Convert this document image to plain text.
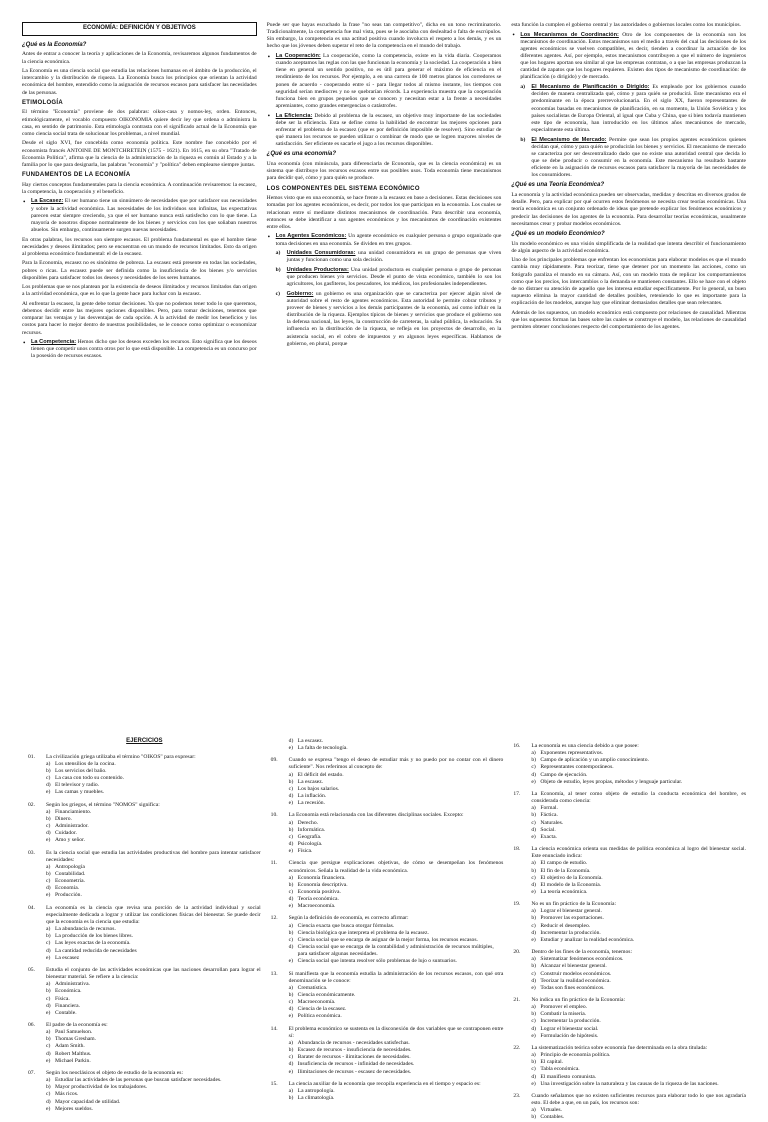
ECONOMÍA: DEFINICIÓN Y OBJETIVOS
¿Qué es la Economía?

Antes de entrar a conocer la teoría y aplicaciones de la Economía, revisaremos algunos fundamentos de la ciencia económica.

La Economía es una ciencia social que estudia las relaciones humanas en el ámbito de la producción, el intercambio y la distribución de riqueza. La Economía busca los principios que orientan la actividad económica del hombre, entendido como la asignación de recursos escasos para satisfacer las necesidades de las personas.

ETIMOLOGÍA

El término "Economía" proviene de dos palabras: oikos-casa y nomos-ley, orden. Entonces, etimológicamente, el vocablo compuesto OIKONOMIA quiere decir ley que ordena o administra la casa, en sentido de patrimonio. Esta etimología contrasta con el significado actual de la Economía que como ciencia social trata de solucionar los problemas, a nivel mundial.

Desde el siglo XVI, fue concebida como economía política. Este nombre fue concebido por el economista francés ANTOINE DE MONTCHRETEIN (1575 - 1621). En 1615, en su obra "Tratado de Economía Política", afirma que la ciencia de la administración de la riqueza es común al Estado y a la familia por lo que para designarla, las palabras "economía" y "política" deben emplearse siempre juntas.

FUNDAMENTOS DE LA ECONOMÍA

Hay ciertos conceptos fundamentales para la ciencia económica. A continuación revisaremos: la escasez, la competencia, la cooperación y el beneficio.

• La Escasez: El ser humano tiene un sinnúmero de necesidades que por satisfacer sus necesidades y sobre la actividad económica. Las necesidades de los individuos son infinitas, las expectativas parecen estar siempre creciendo, ya que el ser humano nunca está satisfecho con lo que tiene. La mayoría de nosotros dispone normalmente de los bienes y servicios con los que soñaban nuestros abuelos. Sin embargo, continuamente surgen nuevas necesidades.

En otras palabras, los recursos son siempre escasos. El problema fundamental es que el hombre tiene necesidades y deseos ilimitados; pero se encuentran en un mundo de recursos limitados. Esto da origen al problema económico fundamental: el de la escasez.

Para la Economía, escasez no es sinónimo de pobreza. La escasez está presente en todas las sociedades, pobres o ricas. La escasez puede ser definida como la insuficiencia de los bienes y/o servicios disponibles para satisfacer todos los deseos y necesidades de los seres humanos.

Los problemas que se nos plantean por la existencia de deseos ilimitados y recursos limitados dan origen a la actividad económica, que es lo que la gente hace para luchar con la escasez.

Al enfrentar la escasez, la gente debe tomar decisiones. Ya que no podemos tener todo lo que queremos, debemos decidir entre las mejores opciones disponibles. Pero, para tomar decisiones, tenemos que comparar las ventajas y las desventajas de cada opción. A la actividad de medir los beneficios y los costos para hacer lo mejor dentro de nuestras posibilidades, se le conoce como optimizar o economizar recursos.

• La Competencia: Hemos dicho que los deseos exceden los recursos. Esto significa que los deseos tienen que competir unos contra otros por lo que está disponible. La competencia es un concurso por la posesión de recursos escasos.

Puede ser que hayas escuchado la frase "no seas tan competitivo", dicha en un tono recriminatorio. Tradicionalmente, la competencia fue mal vista, pues se le asociaba con deslealtad o falta de escrúpulos. Sin embargo, la competencia es una actitud positiva cuando involucra el respeto a los demás, y es un hecho que los jóvenes deben superar el reto de la competencia en el mundo del trabajo.

• La Cooperación: La cooperación, como la competencia, existe en la vida diaria. Cooperamos cuando aceptamos las reglas con las que funcionan la economía y la sociedad. La cooperación a bien tiene en general un sentido positivo, no es útil para generar el máximo de eficiencia en el rendimiento de los recursos. Por ejemplo, a en una carrera de 100 metros planos los corredores se ponen de acuerdo - cooperando entre sí - para llegar todos al mismo instante, los tiempos con seguridad serían mediocres y no se quebrarían récords. La experiencia muestra que la cooperación funciona bien en grupos pequeños que se conocen y necesitan estar a la frente a necesidades apremiantes, como grandes emergencias o catástrofes.
• La Eficiencia: Debido al problema de la escasez, un objetivo muy importante de las sociedades debe ser la eficiencia. Esta se define como la habilidad de encontrar las mejores opciones para enfrentar el problema de la escasez (que es por definición imposible de resolver). Sino estudiar de qué manera los recursos se pueden utilizar o combinar de modo que se logren mayores niveles de satisfacción. Ser eficiente es sacarle el jugo a los recursos disponibles.
¿Qué es una economía?

Una economía (con minúscula, para diferenciarla de Economía, que es la ciencia económica) es un sistema que distribuye los recursos escasos entre sus posibles usos. Toda economía tiene mecanismos para decidir qué, cómo y para quién se produce.

LOS COMPONENTES DEL SISTEMA ECONÓMICO

Hemos visto que en una economía, se hace frente a la escasez en base a decisiones. Estas decisiones son tomadas por los agentes económicos, es decir, por todos los que participan en la economía. Los cuales se relacionan entre sí mediante distintos mecanismos de coordinación. Para describir una economía, entonces se debe identificar a sus agentes económicos y los mecanismos de coordinación existentes entre ellos.

• Los Agentes Económicos: Un agente económico es cualquier persona o grupo organizado que toma decisiones en una economía. Se dividen en tres grupos.
a) Unidades Consumidoras: una unidad consumidora es un grupo de personas que viven juntas y funcionan como una sola decisión.
b) Unidades Productoras: Una unidad productora es cualquier persona o grupo de personas que producen bienes y/o servicios. Desde el punto de vista económico, también lo son los agricultores, los gasfiteros, los pescadores, los médicos, los profesionales independientes.
c) Gobierno: un gobierno es una organización que se caracteriza por ejercer algún nivel de autoridad sobre el resto de agentes económicos. Esta autoridad le permite cobrar tributos y proveer de bienes y servicios a los demás participantes de la economía, así como influir en la distribución de la riqueza. Ejemplos típicos de bienes y servicios que produce el gobierno son la defensa nacional, las leyes, la construcción de carreteras, la salud pública, la educación. Su influencia en la distribución de la riqueza, se refleja en los proyectos de desarrollo, en la asistencia social, en el cobro de impuestos y en algunos leyes específicas. Hablamos de gobierno, en plural, porque

esta función la cumplen el gobierno central y las autoridades o gobiernos locales como los municipios.

• Los Mecanismos de Coordinación: Otro de los componentes de la economía son los mecanismos de coordinación. Estos mecanismos son el medio a través del cual las decisiones de los agentes económicos se vuelven compatibles, es decir, tienden a coordinar la actuación de los diferentes agentes. Así, por ejemplo, estos mecanismos contribuyen a que el número de ingenieros que los hogares aportan sea similar al que las empresas contratan, o a que las empresas produzcan la cantidad de zapatos que los hogares requieren. Existen dos tipos de mecanismo de coordinación: de planificación (o dirigido) y de mercado.
a) El Mecanismo de Planificación o Dirigido: Es empleado por los gobiernos cuando deciden de manera centralizada qué, cómo y para quién se producirá. Este mecanismo era el predominante en la época prerrevolucionaria. En el siglo XX, fueron representantes de economías basadas en mecanismos de planificación, en su momento, la Unión Soviética y los países socialistas de Europa Oriental, al igual que Cuba y China, que si bien todavía mantienen este tipo de economía, han introducido en los últimos años mecanismos de mercado, especialmente esta última.
b) El Mecanismo de Mercado: Permite que sean los propios agentes económicos quienes decidan qué, cómo y para quién se producirán los bienes y servicios. El mecanismo de mercado se caracteriza por ser descentralizado dado que no existe una autoridad central que decida lo que se debe producir o consumir en la economía. Este mecanismo ha resultado bastante eficiente en la asignación de recursos escasos para satisfacer la mayoría de las necesidades de los consumidores.
¿Qué es una Teoría Económica?

La economía y la actividad económica pueden ser observadas, medidas y descritas en diversos grados de detalle. Pero, para explicar por qué ocurren estos fenómenos se necesita crear teorías económicas. Una teoría económica es un conjunto ordenado de ideas que pretende explicar los fenómenos económicos y predecir las decisiones de los agentes de la economía. Para desarrollar teorías económicas, usualmente necesitamos crear y probar modelos económicos.

¿Qué es un modelo Económico?

Un modelo económico es una visión simplificada de la realidad que intenta describir el funcionamiento de algún aspecto de la actividad económica.

Uno de los principales problemas que enfrentan los economistas para elaborar modelos es que el mundo cambia muy rápidamente. Para teorizar, tiene que detener por un momento las acciones, como un fotógrafo paraliza el mundo en su cámara. Así, con un modelo trata de replicar los comportamientos como que los precios, los intercambios o la demanda se mantienen constantes. Ello se hace con el objeto de no distraer su atención de aquello que les interesa estudiar específicamente. Por lo general, un buen supuesto elimina la mayor cantidad de detalles posibles, reteniendo lo que es importante para la explicación de los modelos, aunque hay que eliminar demasiados detalles que sean relevantes.

Además de los supuestos, un modelo económico está compuesto por relaciones de causalidad. Mientras que los supuestos forman las bases sobre las cuales se construye el modelo, las relaciones de causalidad permiten obtener conclusiones respecto del comportamiento de los agentes.

EJERCICIOS
01.	La civilización griega utilizaba el término "OIKOS" para expresar:
a) Los utensilios de la cocina.
b) Los servicios del baño.
c) La casa con todo su contenido.
d) El televisor y radio.
e) Las camas y muebles.
02.	Según los griegos, el término "NOMOS" significa:
a) Financiamiento.
b) Dinero.
c) Administrador.
d) Cuidador.
e) Amo y señor.
03.	Es la ciencia social que estudia las actividades productivas del hombre para intentar satisfacer necesidades:
a) Antropología
b) Contabilidad.
c) Econometría.
d) Economía.
e) Producción.
04.	La economía es la ciencia que revisa una porción de la actividad individual y social especialmente dedicada a lograr y utilizar las condiciones físicas del bienestar. Se puede decir que la economía es la ciencia que estudia:
a) La abundancia de recursos.
b) La producción de los bienes libres.
c) Las leyes exactas de la economía.
d) La cantidad reducida de necesidades
e) La escasez
05.	Estudia el conjunto de las actividades económicas que las naciones desarrollan para lograr el bienestar material. Se refiere a la ciencia:
a) Administrativa.
b) Económica.
c) Física.
d) Financiera.
e) Contable.
06.	El padre de la economía es:
a) Paul Samuelson.
b) Thomas Gresham.
c) Adam Smith.
d) Robert Malthus.
e) Michael Parkin.
07.	Según los neoclásicos el objeto de estudio de la economía es:
a) Estudiar las actividades de las personas que buscan satisfacer necesidades.
b) Mayor productividad de los trabajadores.
c) Más ricos.
d) Mayor capacidad de utilidad.
e) Mejores sueldos.
d) La escasez.
e) La falta de tecnología.
09.	Cuando se expresa "tengo el deseo de estudiar más y no puedo por no contar con el dinero suficiente". Nos referimos al concepto de:
a) El déficit del estado.
b) La escasez.
c) Los bajos salarios.
d) La inflación.
e) La recesión.
10.	La Economía está relacionada con las diferentes disciplinas sociales. Excepto:
a) Derecho.
b) Informática.
c) Geografía.
d) Psicología.
e) Física.
11.	Ciencia que persigue explicaciones objetivas, de cómo se desempeñan los fenómenos económicos. Señala la realidad de la vida económica.
a) Economía financiera.
b) Economía descriptiva.
c) Economía positiva.
d) Teoría económica.
e) Macroeconomía.
12.	Según la definición de economía, es correcto afirmar:
a) Ciencia exacta que busca otorgar fórmulas.
b) Ciencia biológica que interpreta el problema de la escasez.
c) Ciencia social que se encarga de asignar de la mejor forma, los recursos escasos.
d) Ciencia social que se encarga de la contabilidad y administración de recursos múltiples, para satisfacer algunas necesidades.
e) Ciencia social que intenta resolver sólo problemas de lujo o suntuarios.
13.	Si manifiesta que la economía estudia la administración de los recursos escasos, con qué otra denominación se le conoce:
a) Crematística.
b) Ciencia económicamente.
c) Macroeconomía.
d) Ciencia de la escasez.
e) Política económica.
14.	El problema económico se sustenta en la disconexión de dos variables que se contraponen entre sí:
a) Abundancia de recursos - necesidades satisfechas.
b) Escasez de recursos - insuficiencia de necesidades.
c) Barater de recursos - ilimitaciones de necesidades.
d) Insuficiencia de recursos - infinidad de necesidades.
e) Ilimitaciones de recursos - escasez de necesidades.
15.	La ciencia auxiliar de la economía que recopila experiencia en el tiempo y espacio es:
a) La antropología.
b) La climatología.
16.	La economía es una ciencia debido a que posee:
a) Exponentes representativos.
b) Campo de aplicación y un amplio conocimiento.
c) Representantes contemporáneos.
d) Campo de ejecución.
e) Objeto de estudio, leyes propias, métodos y lenguaje particular.
17.	La Economía, al tener como objeto de estudio la conducta económica del hombre, es considerada como ciencia:
a) Formal.
b) Fáctica.
c) Naturales.
d) Social.
e) Exacta.
18.	La ciencia económica orienta sus medidas de política económica al logro del bienestar social. Este enunciado indica:
a) El campo de estudio.
b) El fin de la Economía.
c) El objetivo de la Economía.
d) El modelo de la Economía.
e) La teoría económica.
19.	No es un fin práctico de la Economía:
a) Lograr el bienestar general.
b) Promover las exportaciones.
c) Reducir el desempleo.
d) Incrementar la producción.
e) Estudiar y analizar la realidad económica.
20.	Dentro de los fines de la economía, tenemos:
a) Sistematizar fenómenos económicos.
b) Alcanzar el bienestar general.
c) Construir modelos económicos.
d) Teorizar la realidad económica.
e) Todas son fines económicos.
21.	No indica un fin práctico de la Economía:
a) Promover el empleo.
b) Combatir la miseria.
c) Incrementar la producción.
d) Lograr el bienestar social.
e) Formulación de hipótesis.
22.	La sistematización teórica sobre economía fue determinada en la obra titulada:
a) Principio de economía política.
b) El capital.
c) Tabla económica.
d) El manifiesto comunista.
e) Una investigación sobre la naturaleza y las causas de la riqueza de las naciones.
23.	Cuando señalamos que no existen suficientes recursos para elaborar todo lo que nos agradaría esto. El debe a que, en un país, los recursos son:
a) Virtuales.
b) Contables.
